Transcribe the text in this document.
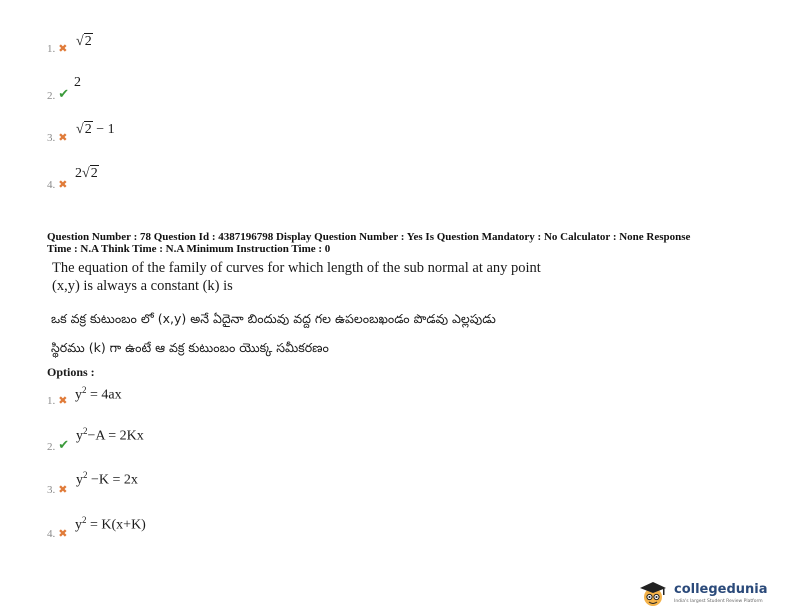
1. ✖ √2
2. ✔
2
3. ✖
√2 − 1
4. ✖
2√2
Question Number : 78 Question Id : 4387196798 Display Question Number : Yes Is Question Mandatory : No Calculator : None Response
Time : N.A Think Time : N.A Minimum Instruction Time : 0
The equation of the family of curves for which length of the sub normal at any point
(x,y) is always a constant (k) is
ఒక వక్ర కుటుంబం లో (x,y) అనే ఏదైనా బిందువు వద్ద గల ఉపలంబఖండం పొడవు ఎల్లపుడు
స్థిరము (k) గా ఉంటే ఆ వక్ర కుటుంబం యొక్క సమీకరణం
Options :
1. ✖ $y^2 = 4ax$
2. ✔
$y^2-A = 2Kx$
3. ✖
$y^2 -K = 2x$
4. ✖
$y^2 = K(x+K)$
collegedunia
India's largest Student Review Platform
